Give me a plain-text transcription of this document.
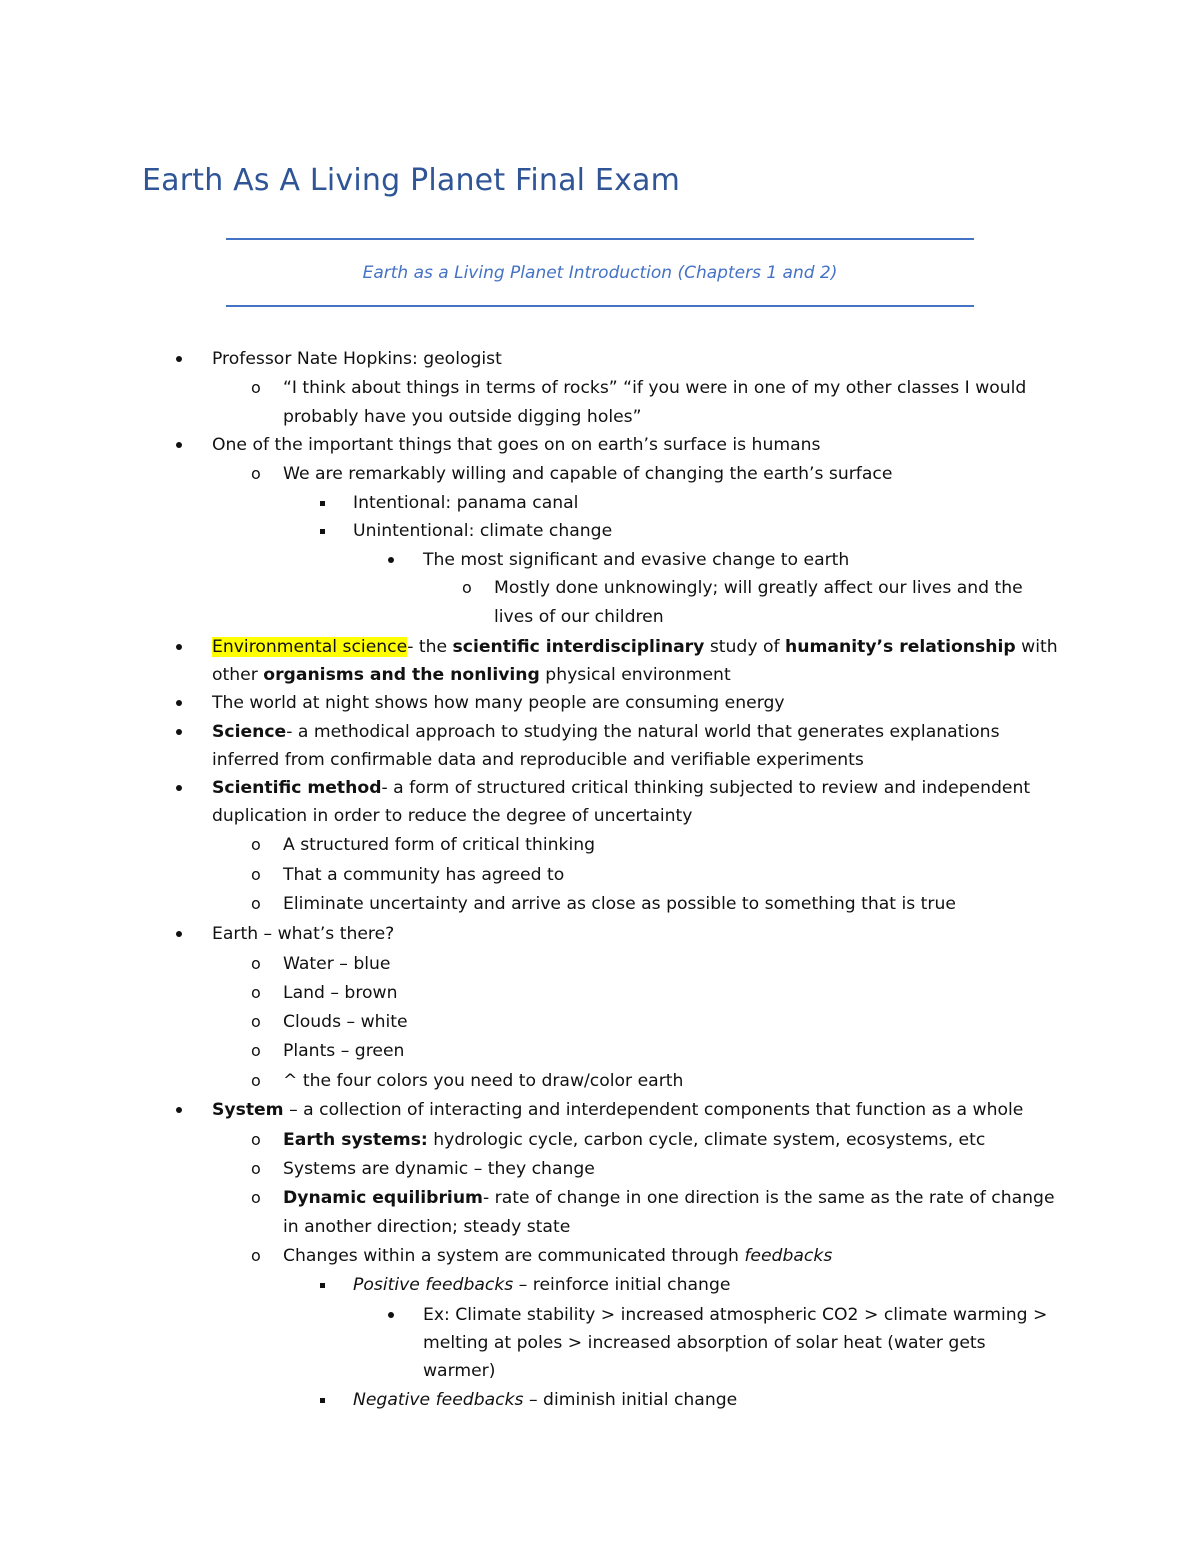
Earth As A Living Planet Final Exam
Earth as a Living Planet Introduction (Chapters 1 and 2)
Professor Nate Hopkins: geologist
o “I think about things in terms of rocks” “if you were in one of my other classes I would
probably have you outside digging holes”
One of the important things that goes on on earth’s surface is humans
o We are remarkably willing and capable of changing the earth’s surface
Intentional: panama canal
Unintentional: climate change
The most significant and evasive change to earth
o Mostly done unknowingly; will greatly affect our lives and the
lives of our children
Environmental science- the scientific interdisciplinary study of humanity’s relationship with
other organisms and the nonliving physical environment
The world at night shows how many people are consuming energy
Science- a methodical approach to studying the natural world that generates explanations
inferred from confirmable data and reproducible and verifiable experiments
Scientific method- a form of structured critical thinking subjected to review and independent
duplication in order to reduce the degree of uncertainty
o A structured form of critical thinking
o That a community has agreed to
o Eliminate uncertainty and arrive as close as possible to something that is true
Earth – what’s there?
o Water – blue
o Land – brown
o Clouds – white
o Plants – green
o ^ the four colors you need to draw/color earth
System – a collection of interacting and interdependent components that function as a whole
o Earth systems: hydrologic cycle, carbon cycle, climate system, ecosystems, etc
o Systems are dynamic – they change
o Dynamic equilibrium- rate of change in one direction is the same as the rate of change
in another direction; steady state
o Changes within a system are communicated through feedbacks
Positive feedbacks – reinforce initial change
Ex: Climate stability > increased atmospheric CO2 > climate warming >
melting at poles > increased absorption of solar heat (water gets
warmer)
Negative feedbacks – diminish initial change
